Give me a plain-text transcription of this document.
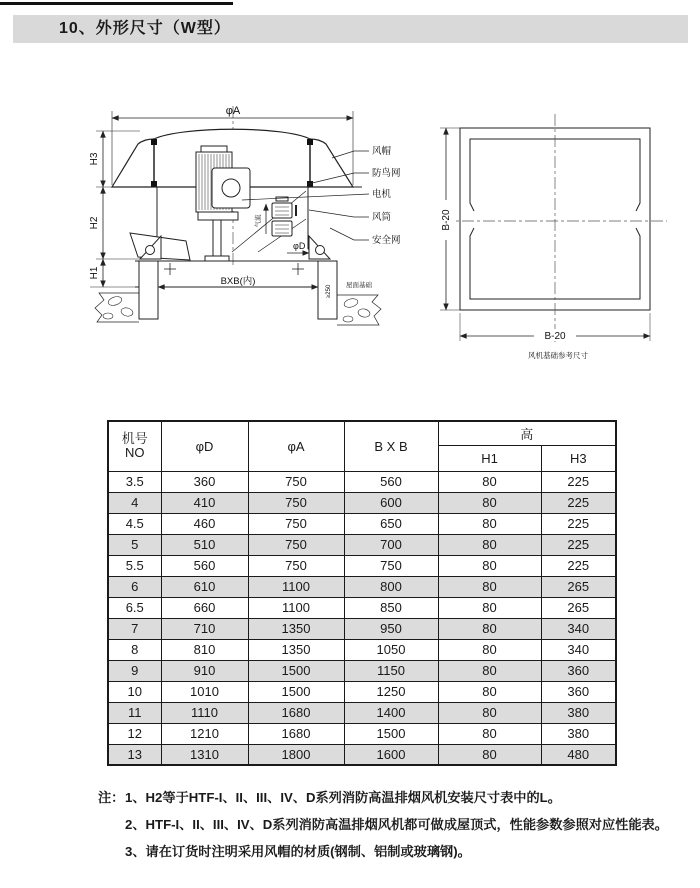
10、外形尺寸（W型）
φA
H3
H2
H1
BXB(内)
φD
≥250
气流
风帽
防鸟网
电机
风筒
安全网
屋面基础
B-20
B-20
风机基础参考尺寸
机号
NO	φD	φA	B X B	高	
				H1	H3
3.5	360	750	560	80	225
4	410	750	600	80	225
4.5	460	750	650	80	225
5	510	750	700	80	225
5.5	560	750	750	80	225
6	610	1100	800	80	265
6.5	660	1100	850	80	265
7	710	1350	950	80	340
8	810	1350	1050	80	340
9	910	1500	1150	80	360
10	1010	1500	1250	80	360
11	1110	1680	1400	80	380
12	1210	1680	1500	80	380
13	1310	1800	1600	80	480
注：1、H2等于HTF-I、II、III、IV、D系列消防高温排烟风机安装尺寸表中的L。
2、HTF-I、II、III、IV、D系列消防高温排烟风机都可做成屋顶式，性能参数参照对应性能表。
3、请在订货时注明采用风帽的材质(钢制、铝制或玻璃钢)。
